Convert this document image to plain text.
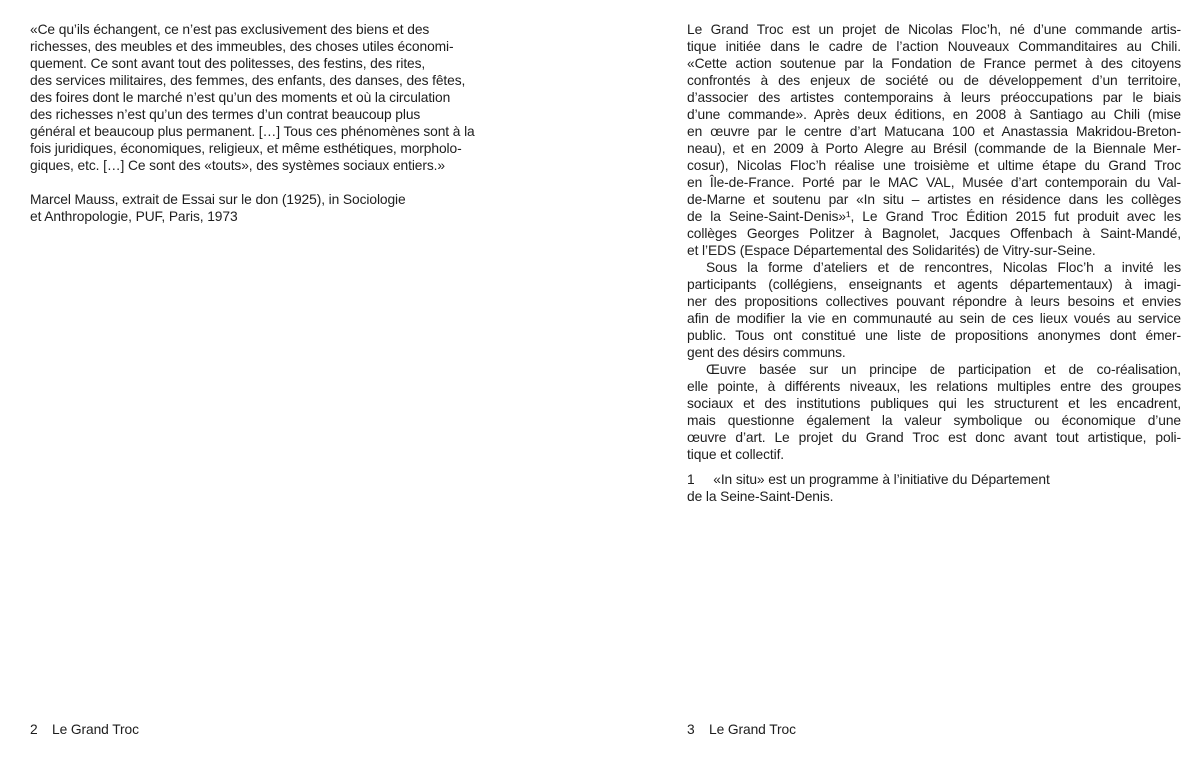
«Ce qu’ils échangent, ce n’est pas exclusivement des biens et des
richesses, des meubles et des immeubles, des choses utiles économi-
quement. Ce sont avant tout des politesses, des festins, des rites,
des services militaires, des femmes, des enfants, des danses, des fêtes,
des foires dont le marché n’est qu’un des moments et où la circulation
des richesses n’est qu’un des termes d’un contrat beaucoup plus
général et beaucoup plus permanent. […] Tous ces phénomènes sont à la
fois juridiques, économiques, religieux, et même esthétiques, morpholo-
giques, etc. […] Ce sont des «touts», des systèmes sociaux entiers.»
Marcel Mauss, extrait de Essai sur le don (1925), in Sociologie
et Anthropologie, PUF, Paris, 1973
2 Le Grand Troc
Le Grand Troc est un projet de Nicolas Floc’h, né d’une commande artis-
tique initiée dans le cadre de l’action Nouveaux Commanditaires au Chili.
«Cette action soutenue par la Fondation de France permet à des citoyens
confrontés à des enjeux de société ou de développement d’un territoire,
d’associer des artistes contemporains à leurs préoccupations par le biais
d’une commande». Après deux éditions, en 2008 à Santiago au Chili (mise
en œuvre par le centre d’art Matucana 100 et Anastassia Makridou-Breton-
neau), et en 2009 à Porto Alegre au Brésil (commande de la Biennale Mer-
cosur), Nicolas Floc’h réalise une troisième et ultime étape du Grand Troc
en Île-de-France. Porté par le MAC VAL, Musée d’art contemporain du Val-
de-Marne et soutenu par «In situ – artistes en résidence dans les collèges
de la Seine-Saint-Denis»¹, Le Grand Troc Édition 2015 fut produit avec les
collèges Georges Politzer à Bagnolet, Jacques Offenbach à Saint-Mandé,
et l’EDS (Espace Départemental des Solidarités) de Vitry-sur-Seine.
Sous la forme d’ateliers et de rencontres, Nicolas Floc’h a invité les
participants (collégiens, enseignants et agents départementaux) à imagi-
ner des propositions collectives pouvant répondre à leurs besoins et envies
afin de modifier la vie en communauté au sein de ces lieux voués au service
public. Tous ont constitué une liste de propositions anonymes dont émer-
gent des désirs communs.
Œuvre basée sur un principe de participation et de co-réalisation,
elle pointe, à différents niveaux, les relations multiples entre des groupes
sociaux et des institutions publiques qui les structurent et les encadrent,
mais questionne également la valeur symbolique ou économique d’une
œuvre d’art. Le projet du Grand Troc est donc avant tout artistique, poli-
tique et collectif.
1     «In situ» est un programme à l’initiative du Département
de la Seine-Saint-Denis.
3 Le Grand Troc
